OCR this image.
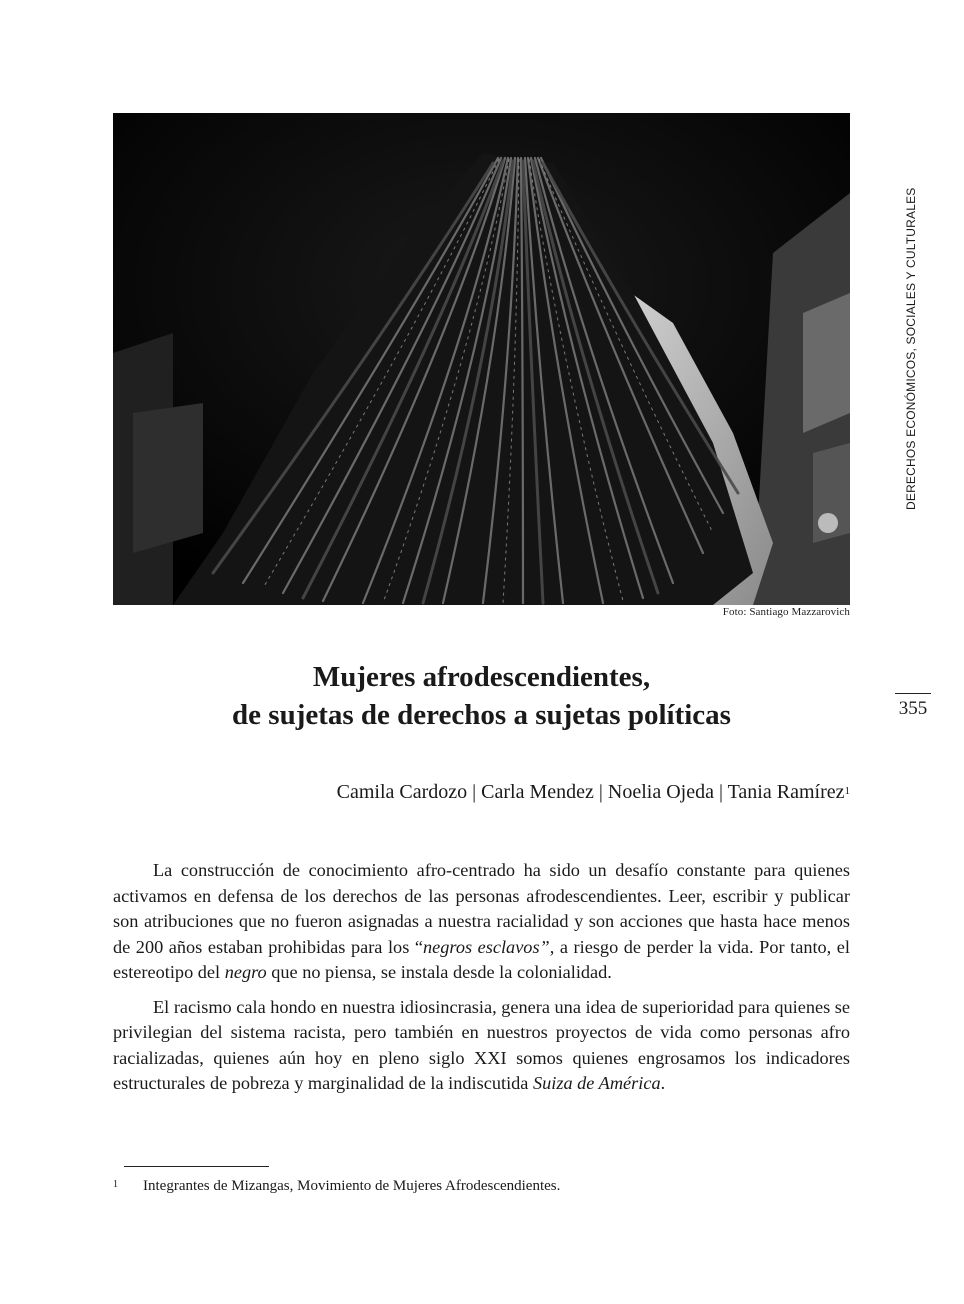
Foto: Santiago Mazzarovich
DERECHOS ECONÓMICOS, SOCIALES Y CULTURALES
355
Mujeres afrodescendientes,
de sujetas de derechos a sujetas políticas
Camila Cardozo | Carla Mendez | Noelia Ojeda | Tania Ramírez$^1$

La construcción de conocimiento afro-centrado ha sido un desafío constante para quienes activamos en defensa de los derechos de las personas afrodescendientes. Leer, escribir y publicar son atribuciones que no fueron asignadas a nuestra racialidad y son acciones que hasta hace menos de 200 años estaban prohibidas para los “negros esclavos”, a riesgo de perder la vida. Por tanto, el estereotipo del negro que no piensa, se instala desde la colonialidad.

El racismo cala hondo en nuestra idiosincrasia, genera una idea de superioridad para quienes se privilegian del sistema racista, pero también en nuestros proyectos de vida como personas afro racializadas, quienes aún hoy en pleno siglo XXI somos quienes engrosamos los indicadores estructurales de pobreza y marginalidad de la indiscutida Suiza de América.

1 Integrantes de Mizangas, Movimiento de Mujeres Afrodescendientes.
